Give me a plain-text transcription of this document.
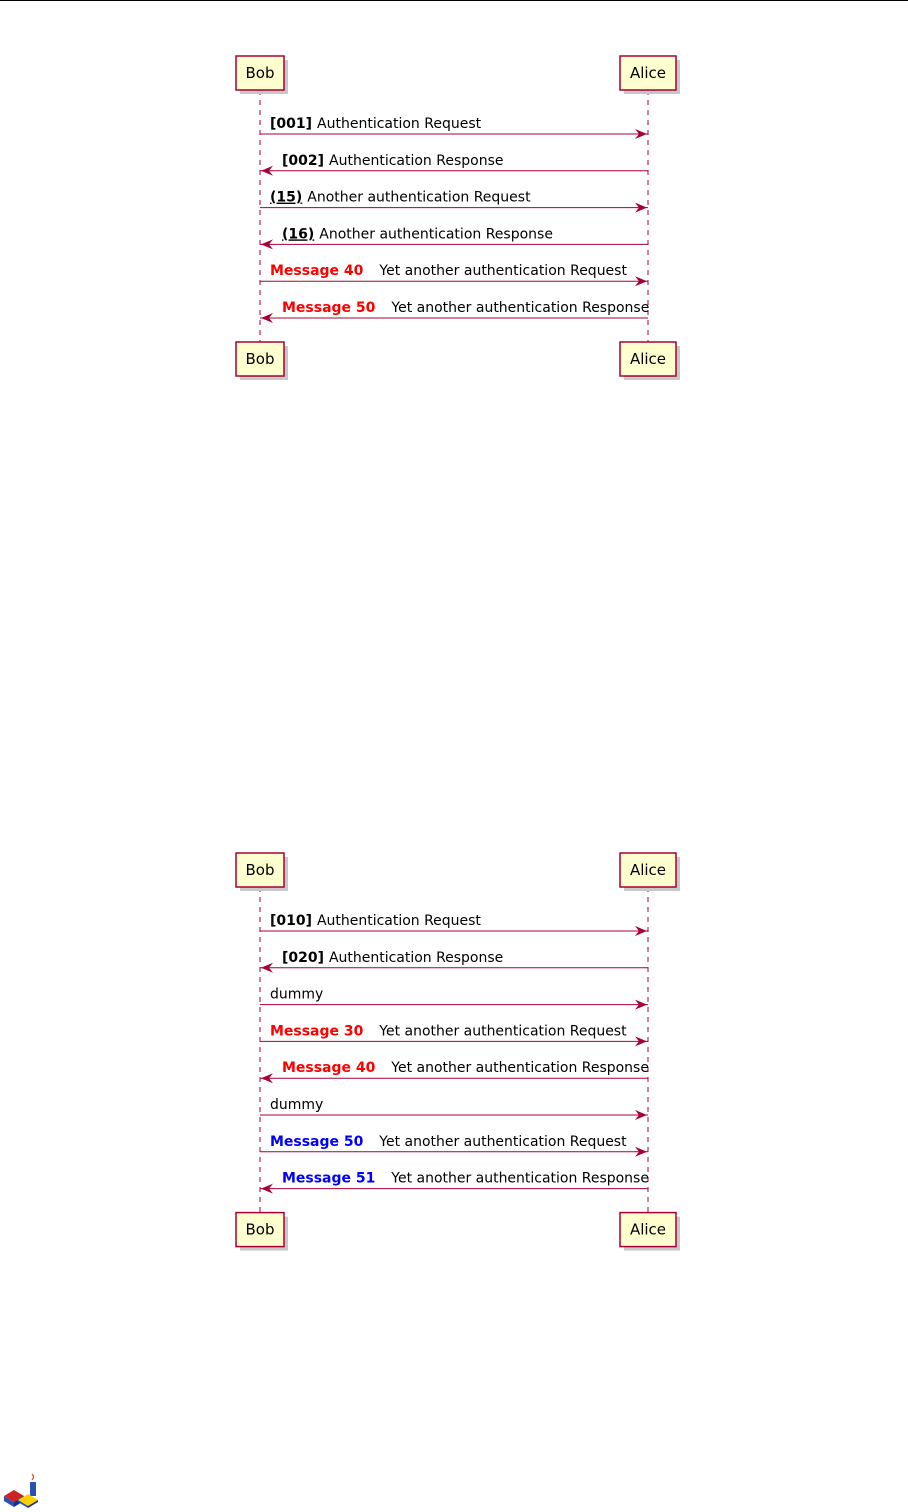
Bob	Alice
Bob	Alice
[001] Authentication Request
[002] Authentication Response
(15) Another authentication Request
(16) Another authentication Response
Message 40 Yet another authentication Request
Message 50 Yet another authentication Response
Bob	Alice
Bob	Alice
[010] Authentication Request
[020] Authentication Response
dummy
Message 30 Yet another authentication Request
Message 40 Yet another authentication Response
dummy
Message 50 Yet another authentication Request
Message 51 Yet another authentication Response
